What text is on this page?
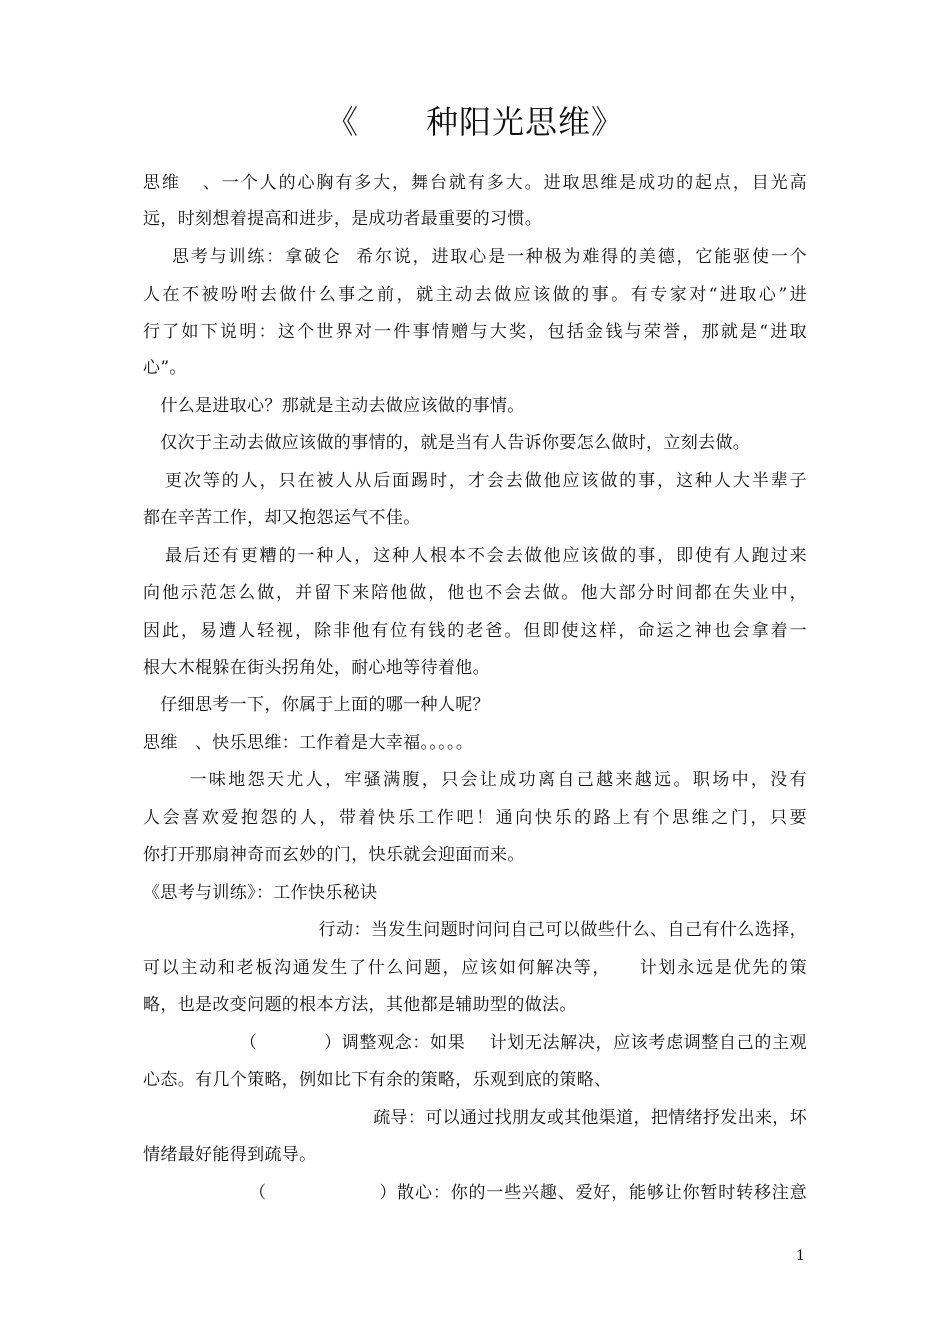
《      种阳光思维》
思维   、一个人的心胸有多大，舞台就有多大。进取思维是成功的起点，目光高
远，时刻想着提高和进步，是成功者最重要的习惯。
思考与训练：拿破仑  希尔说，进取心是一种极为难得的美德，它能驱使一个
人在不被吩咐去做什么事之前，就主动去做应该做的事。有专家对“进取心”进
行了如下说明：这个世界对一件事情赠与大奖，包括金钱与荣誉，那就是“进取
心”。
什么是进取心？那就是主动去做应该做的事情。
仅次于主动去做应该做的事情的，就是当有人告诉你要怎么做时，立刻去做。
更次等的人，只在被人从后面踢时，才会去做他应该做的事，这种人大半辈子
都在辛苦工作，却又抱怨运气不佳。
最后还有更糟的一种人，这种人根本不会去做他应该做的事，即使有人跑过来
向他示范怎么做，并留下来陪他做，他也不会去做。他大部分时间都在失业中，
因此，易遭人轻视，除非他有位有钱的老爸。但即使这样，命运之神也会拿着一
根大木棍躲在街头拐角处，耐心地等待着他。
仔细思考一下，你属于上面的哪一种人呢？
思维   、快乐思维：工作着是大幸福。。。。。
一味地怨天尤人，牢骚满腹，只会让成功离自己越来越远。职场中，没有
人会喜欢爱抱怨的人，带着快乐工作吧！通向快乐的路上有个思维之门，只要
你打开那扇神奇而玄妙的门，快乐就会迎面而来。
《思考与训练》：工作快乐秘诀
行动：当发生问题时问问自己可以做些什么、自己有什么选择，
可以主动和老板沟通发生了什么问题，应该如何解决等，    计划永远是优先的策
略，也是改变问题的根本方法，其他都是辅助型的做法。
（           ）调整观念：如果    计划无法解决，应该考虑调整自己的主观
心态。有几个策略，例如比下有余的策略，乐观到底的策略、
疏导：可以通过找朋友或其他渠道，把情绪抒发出来，坏
情绪最好能得到疏导。
（                  ）散心：你的一些兴趣、爱好，能够让你暂时转移注意
1
